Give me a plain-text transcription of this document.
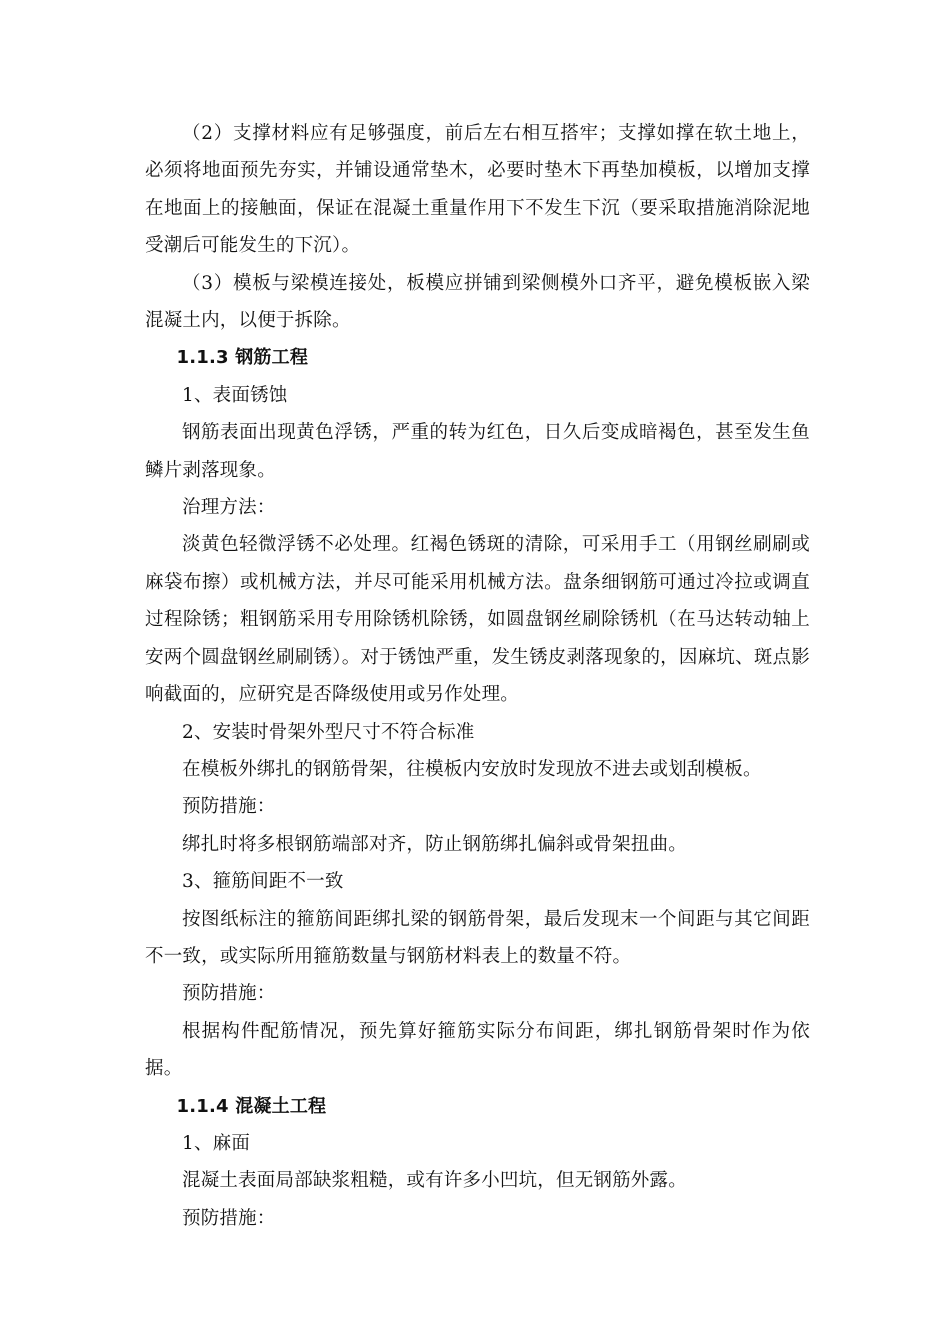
（2）支撑材料应有足够强度，前后左右相互搭牢；支撑如撑在软土地上，必须将地面预先夯实，并铺设通常垫木，必要时垫木下再垫加模板，以增加支撑在地面上的接触面，保证在混凝土重量作用下不发生下沉（要采取措施消除泥地受潮后可能发生的下沉）。

（3）模板与梁模连接处，板模应拼铺到梁侧模外口齐平，避免模板嵌入梁混凝土内，以便于拆除。

1.1.3 钢筋工程

1、表面锈蚀

钢筋表面出现黄色浮锈，严重的转为红色，日久后变成暗褐色，甚至发生鱼鳞片剥落现象。

治理方法：

淡黄色轻微浮锈不必处理。红褐色锈斑的清除，可采用手工（用钢丝刷刷或麻袋布擦）或机械方法，并尽可能采用机械方法。盘条细钢筋可通过冷拉或调直过程除锈；粗钢筋采用专用除锈机除锈，如圆盘钢丝刷除锈机（在马达转动轴上安两个圆盘钢丝刷刷锈）。对于锈蚀严重，发生锈皮剥落现象的，因麻坑、斑点影响截面的，应研究是否降级使用或另作处理。

2、安装时骨架外型尺寸不符合标准

在模板外绑扎的钢筋骨架，往模板内安放时发现放不进去或划刮模板。

预防措施：

绑扎时将多根钢筋端部对齐，防止钢筋绑扎偏斜或骨架扭曲。

3、箍筋间距不一致

按图纸标注的箍筋间距绑扎梁的钢筋骨架，最后发现末一个间距与其它间距不一致，或实际所用箍筋数量与钢筋材料表上的数量不符。

预防措施：

根据构件配筋情况，预先算好箍筋实际分布间距，绑扎钢筋骨架时作为依据。

1.1.4 混凝土工程

1、麻面

混凝土表面局部缺浆粗糙，或有许多小凹坑，但无钢筋外露。

预防措施：
